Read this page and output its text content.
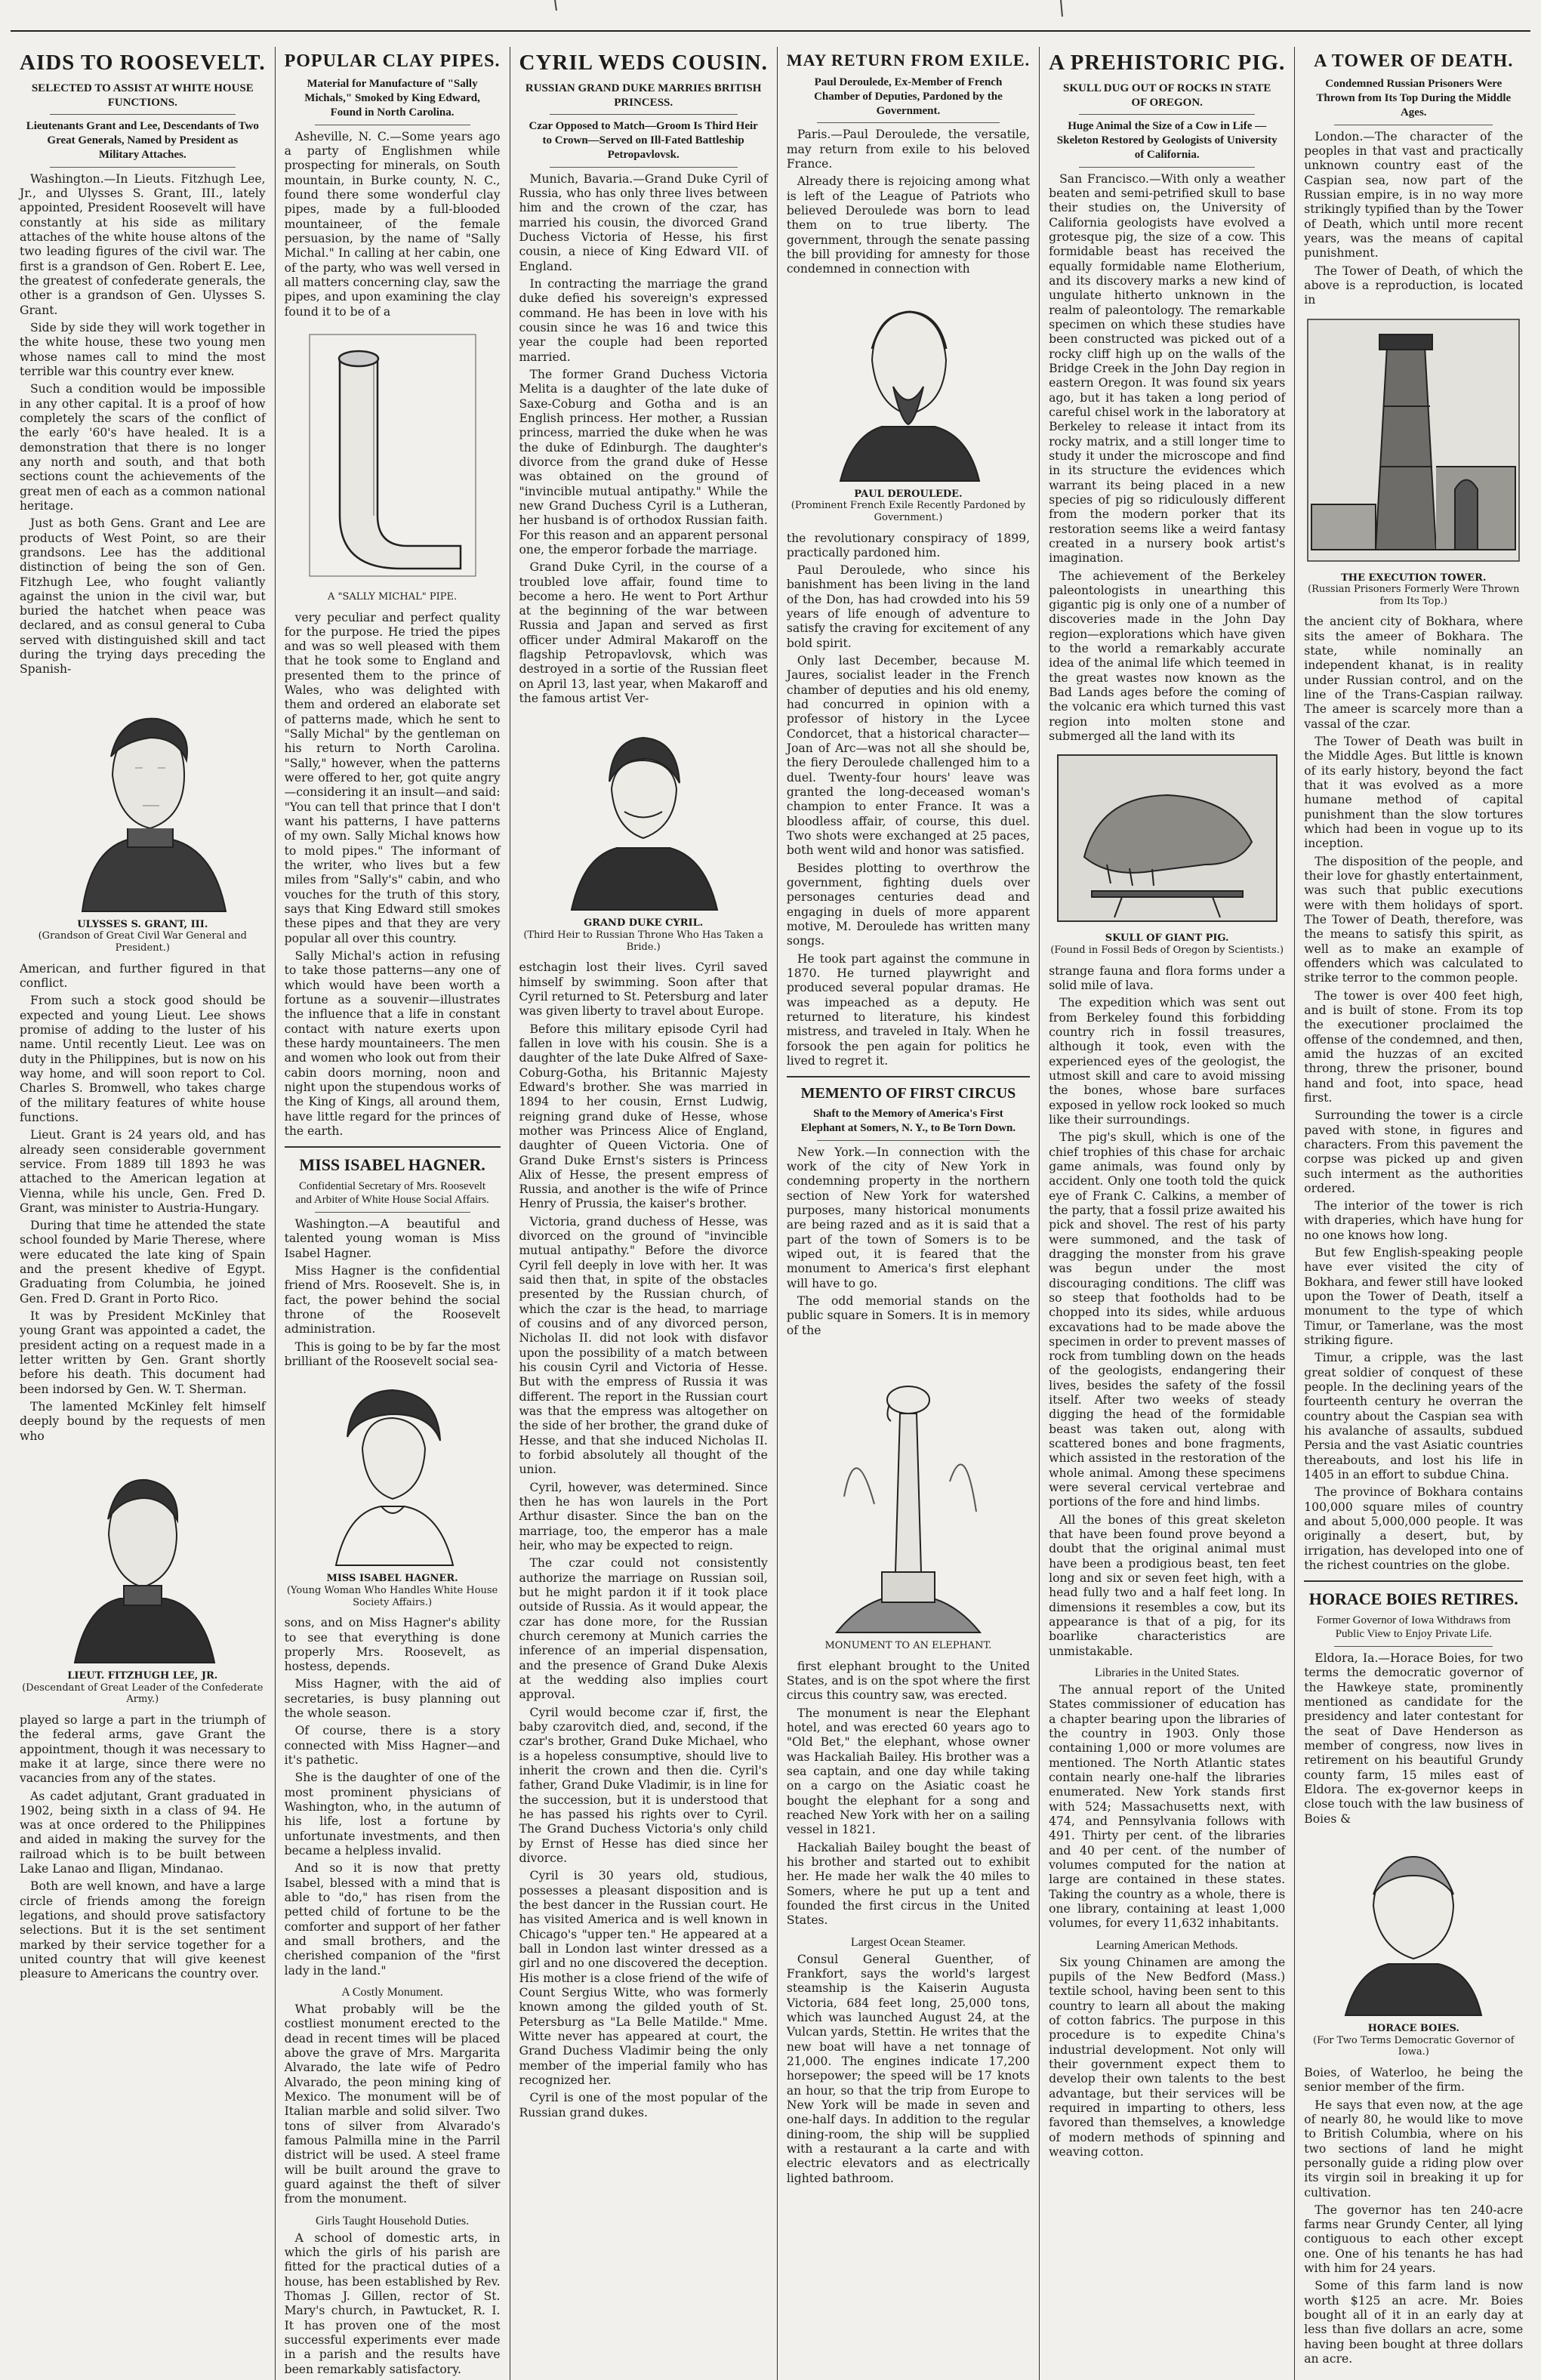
AIDS TO ROOSEVELT.
SELECTED TO ASSIST AT WHITE HOUSE FUNCTIONS.
Lieutenants Grant and Lee, Descendants of Two Great Generals, Named by President as Military Attaches.

Washington.—In Lieuts. Fitzhugh Lee, Jr., and Ulysses S. Grant, III., lately appointed, President Roosevelt will have constantly at his side as military attaches of the white house altons of the two leading figures of the civil war. The first is a grandson of Gen. Robert E. Lee, the greatest of confederate generals, the other is a grandson of Gen. Ulysses S. Grant.

Side by side they will work together in the white house, these two young men whose names call to mind the most terrible war this country ever knew.

Such a condition would be impossible in any other capital. It is a proof of how completely the scars of the conflict of the early '60's have healed. It is a demonstration that there is no longer any north and south, and that both sections count the achievements of the great men of each as a common national heritage.

Just as both Gens. Grant and Lee are products of West Point, so are their grandsons. Lee has the additional distinction of being the son of Gen. Fitzhugh Lee, who fought valiantly against the union in the civil war, but buried the hatchet when peace was declared, and as consul general to Cuba served with distinguished skill and tact during the trying days preceding the Spanish-

ULYSSES S. GRANT, III.
(Grandson of Great Civil War General and President.)

American, and further figured in that conflict.

From such a stock good should be expected and young Lieut. Lee shows promise of adding to the luster of his name. Until recently Lieut. Lee was on duty in the Philippines, but is now on his way home, and will soon report to Col. Charles S. Bromwell, who takes charge of the military features of white house functions.

Lieut. Grant is 24 years old, and has already seen considerable government service. From 1889 till 1893 he was attached to the American legation at Vienna, while his uncle, Gen. Fred D. Grant, was minister to Austria-Hungary.

During that time he attended the state school founded by Marie Therese, where were educated the late king of Spain and the present khedive of Egypt. Graduating from Columbia, he joined Gen. Fred D. Grant in Porto Rico.

It was by President McKinley that young Grant was appointed a cadet, the president acting on a request made in a letter written by Gen. Grant shortly before his death. This document had been indorsed by Gen. W. T. Sherman.

The lamented McKinley felt himself deeply bound by the requests of men who

LIEUT. FITZHUGH LEE, JR.
(Descendant of Great Leader of the Confederate Army.)

played so large a part in the triumph of the federal arms, gave Grant the appointment, though it was necessary to make it at large, since there were no vacancies from any of the states.

As cadet adjutant, Grant graduated in 1902, being sixth in a class of 94. He was at once ordered to the Philippines and aided in making the survey for the railroad which is to be built between Lake Lanao and Iligan, Mindanao.

Both are well known, and have a large circle of friends among the foreign legations, and should prove satisfactory selections. But it is the set sentiment marked by their service together for a united country that will give keenest pleasure to Americans the country over.

POPULAR CLAY PIPES.
Material for Manufacture of "Sally Michals," Smoked by King Edward, Found in North Carolina.

Asheville, N. C.—Some years ago a party of Englishmen while prospecting for minerals, on South mountain, in Burke county, N. C., found there some wonderful clay pipes, made by a full-blooded mountaineer, of the female persuasion, by the name of "Sally Michal." In calling at her cabin, one of the party, who was well versed in all matters concerning clay, saw the pipes, and upon examining the clay found it to be of a

A "SALLY MICHAL" PIPE.

very peculiar and perfect quality for the purpose. He tried the pipes and was so well pleased with them that he took some to England and presented them to the prince of Wales, who was delighted with them and ordered an elaborate set of patterns made, which he sent to "Sally Michal" by the gentleman on his return to North Carolina. "Sally," however, when the patterns were offered to her, got quite angry—considering it an insult—and said: "You can tell that prince that I don't want his patterns, I have patterns of my own. Sally Michal knows how to mold pipes." The informant of the writer, who lives but a few miles from "Sally's" cabin, and who vouches for the truth of this story, says that King Edward still smokes these pipes and that they are very popular all over this country.

Sally Michal's action in refusing to take those patterns—any one of which would have been worth a fortune as a souvenir—illustrates the influence that a life in constant contact with nature exerts upon these hardy mountaineers. The men and women who look out from their cabin doors morning, noon and night upon the stupendous works of the King of Kings, all around them, have little regard for the princes of the earth.

MISS ISABEL HAGNER.
Confidential Secretary of Mrs. Roosevelt and Arbiter of White House Social Affairs.

Washington.—A beautiful and talented young woman is Miss Isabel Hagner.

Miss Hagner is the confidential friend of Mrs. Roosevelt. She is, in fact, the power behind the social throne of the Roosevelt administration.

This is going to be by far the most brilliant of the Roosevelt social sea-

MISS ISABEL HAGNER.
(Young Woman Who Handles White House Society Affairs.)

sons, and on Miss Hagner's ability to see that everything is done properly Mrs. Roosevelt, as hostess, depends.

Miss Hagner, with the aid of secretaries, is busy planning out the whole season.

Of course, there is a story connected with Miss Hagner—and it's pathetic.

She is the daughter of one of the most prominent physicians of Washington, who, in the autumn of his life, lost a fortune by unfortunate investments, and then became a helpless invalid.

And so it is now that pretty Isabel, blessed with a mind that is able to "do," has risen from the petted child of fortune to be the comforter and support of her father and small brothers, and the cherished companion of the "first lady in the land."

A Costly Monument.

What probably will be the costliest monument erected to the dead in recent times will be placed above the grave of Mrs. Margarita Alvarado, the late wife of Pedro Alvarado, the peon mining king of Mexico. The monument will be of Italian marble and solid silver. Two tons of silver from Alvarado's famous Palmilla mine in the Parril district will be used. A steel frame will be built around the grave to guard against the theft of silver from the monument.

Girls Taught Household Duties.

A school of domestic arts, in which the girls of his parish are fitted for the practical duties of a house, has been established by Rev. Thomas J. Gillen, rector of St. Mary's church, in Pawtucket, R. I. It has proven one of the most successful experiments ever made in a parish and the results have been remarkably satisfactory.

CYRIL WEDS COUSIN.
RUSSIAN GRAND DUKE MARRIES BRITISH PRINCESS.
Czar Opposed to Match—Groom Is Third Heir to Crown—Served on Ill-Fated Battleship Petropavlovsk.

Munich, Bavaria.—Grand Duke Cyril of Russia, who has only three lives between him and the crown of the czar, has married his cousin, the divorced Grand Duchess Victoria of Hesse, his first cousin, a niece of King Edward VII. of England.

In contracting the marriage the grand duke defied his sovereign's expressed command. He has been in love with his cousin since he was 16 and twice this year the couple had been reported married.

The former Grand Duchess Victoria Melita is a daughter of the late duke of Saxe-Coburg and Gotha and is an English princess. Her mother, a Russian princess, married the duke when he was the duke of Edinburgh. The daughter's divorce from the grand duke of Hesse was obtained on the ground of "invincible mutual antipathy." While the new Grand Duchess Cyril is a Lutheran, her husband is of orthodox Russian faith. For this reason and an apparent personal one, the emperor forbade the marriage.

Grand Duke Cyril, in the course of a troubled love affair, found time to become a hero. He went to Port Arthur at the beginning of the war between Russia and Japan and served as first officer under Admiral Makaroff on the flagship Petropavlovsk, which was destroyed in a sortie of the Russian fleet on April 13, last year, when Makaroff and the famous artist Ver-

GRAND DUKE CYRIL.
(Third Heir to Russian Throne Who Has Taken a Bride.)

estchagin lost their lives. Cyril saved himself by swimming. Soon after that Cyril returned to St. Petersburg and later was given liberty to travel about Europe.

Before this military episode Cyril had fallen in love with his cousin. She is a daughter of the late Duke Alfred of Saxe-Coburg-Gotha, his Britannic Majesty Edward's brother. She was married in 1894 to her cousin, Ernst Ludwig, reigning grand duke of Hesse, whose mother was Princess Alice of England, daughter of Queen Victoria. One of Grand Duke Ernst's sisters is Princess Alix of Hesse, the present empress of Russia, and another is the wife of Prince Henry of Prussia, the kaiser's brother.

Victoria, grand duchess of Hesse, was divorced on the ground of "invincible mutual antipathy." Before the divorce Cyril fell deeply in love with her. It was said then that, in spite of the obstacles presented by the Russian church, of which the czar is the head, to marriage of cousins and of any divorced person, Nicholas II. did not look with disfavor upon the possibility of a match between his cousin Cyril and Victoria of Hesse. But with the empress of Russia it was different. The report in the Russian court was that the empress was altogether on the side of her brother, the grand duke of Hesse, and that she induced Nicholas II. to forbid absolutely all thought of the union.

Cyril, however, was determined. Since then he has won laurels in the Port Arthur disaster. Since the ban on the marriage, too, the emperor has a male heir, who may be expected to reign.

The czar could not consistently authorize the marriage on Russian soil, but he might pardon it if it took place outside of Russia. As it would appear, the czar has done more, for the Russian church ceremony at Munich carries the inference of an imperial dispensation, and the presence of Grand Duke Alexis at the wedding also implies court approval.

Cyril would become czar if, first, the baby czarovitch died, and, second, if the czar's brother, Grand Duke Michael, who is a hopeless consumptive, should live to inherit the crown and then die. Cyril's father, Grand Duke Vladimir, is in line for the succession, but it is understood that he has passed his rights over to Cyril. The Grand Duchess Victoria's only child by Ernst of Hesse has died since her divorce.

Cyril is 30 years old, studious, possesses a pleasant disposition and is the best dancer in the Russian court. He has visited America and is well known in Chicago's "upper ten." He appeared at a ball in London last winter dressed as a girl and no one discovered the deception. His mother is a close friend of the wife of Count Sergius Witte, who was formerly known among the gilded youth of St. Petersburg as "La Belle Matilde." Mme. Witte never has appeared at court, the Grand Duchess Vladimir being the only member of the imperial family who has recognized her.

Cyril is one of the most popular of the Russian grand dukes.

MAY RETURN FROM EXILE.
Paul Deroulede, Ex-Member of French Chamber of Deputies, Pardoned by the Government.

Paris.—Paul Deroulede, the versatile, may return from exile to his beloved France.

Already there is rejoicing among what is left of the League of Patriots who believed Deroulede was born to lead them on to true liberty. The government, through the senate passing the bill providing for amnesty for those condemned in connection with

PAUL DEROULEDE.
(Prominent French Exile Recently Pardoned by Government.)

the revolutionary conspiracy of 1899, practically pardoned him.

Paul Deroulede, who since his banishment has been living in the land of the Don, has had crowded into his 59 years of life enough of adventure to satisfy the craving for excitement of any bold spirit.

Only last December, because M. Jaures, socialist leader in the French chamber of deputies and his old enemy, had concurred in opinion with a professor of history in the Lycee Condorcet, that a historical character—Joan of Arc—was not all she should be, the fiery Deroulede challenged him to a duel. Twenty-four hours' leave was granted the long-deceased woman's champion to enter France. It was a bloodless affair, of course, this duel. Two shots were exchanged at 25 paces, both went wild and honor was satisfied.

Besides plotting to overthrow the government, fighting duels over personages centuries dead and engaging in duels of more apparent motive, M. Deroulede has written many songs.

He took part against the commune in 1870. He turned playwright and produced several popular dramas. He was impeached as a deputy. He returned to literature, his kindest mistress, and traveled in Italy. When he forsook the pen again for politics he lived to regret it.

MEMENTO OF FIRST CIRCUS
Shaft to the Memory of America's First Elephant at Somers, N. Y., to Be Torn Down.

New York.—In connection with the work of the city of New York in condemning property in the northern section of New York for watershed purposes, many historical monuments are being razed and as it is said that a part of the town of Somers is to be wiped out, it is feared that the monument to America's first elephant will have to go.

The odd memorial stands on the public square in Somers. It is in memory of the

MONUMENT TO AN ELEPHANT.

first elephant brought to the United States, and is on the spot where the first circus this country saw, was erected.

The monument is near the Elephant hotel, and was erected 60 years ago to "Old Bet," the elephant, whose owner was Hackaliah Bailey. His brother was a sea captain, and one day while taking on a cargo on the Asiatic coast he bought the elephant for a song and reached New York with her on a sailing vessel in 1821.

Hackaliah Bailey bought the beast of his brother and started out to exhibit her. He made her walk the 40 miles to Somers, where he put up a tent and founded the first circus in the United States.

Largest Ocean Steamer.

Consul General Guenther, of Frankfort, says the world's largest steamship is the Kaiserin Augusta Victoria, 684 feet long, 25,000 tons, which was launched August 24, at the Vulcan yards, Stettin. He writes that the new boat will have a net tonnage of 21,000. The engines indicate 17,200 horsepower; the speed will be 17 knots an hour, so that the trip from Europe to New York will be made in seven and one-half days. In addition to the regular dining-room, the ship will be supplied with a restaurant a la carte and with electric elevators and as electrically lighted bathroom.

A PREHISTORIC PIG.
SKULL DUG OUT OF ROCKS IN STATE OF OREGON.
Huge Animal the Size of a Cow in Life — Skeleton Restored by Geologists of University of California.

San Francisco.—With only a weather beaten and semi-petrified skull to base their studies on, the University of California geologists have evolved a grotesque pig, the size of a cow. This formidable beast has received the equally formidable name Elotherium, and its discovery marks a new kind of ungulate hitherto unknown in the realm of paleontology. The remarkable specimen on which these studies have been constructed was picked out of a rocky cliff high up on the walls of the Bridge Creek in the John Day region in eastern Oregon. It was found six years ago, but it has taken a long period of careful chisel work in the laboratory at Berkeley to release it intact from its rocky matrix, and a still longer time to study it under the microscope and find in its structure the evidences which warrant its being placed in a new species of pig so ridiculously different from the modern porker that its restoration seems like a weird fantasy created in a nursery book artist's imagination.

The achievement of the Berkeley paleontologists in unearthing this gigantic pig is only one of a number of discoveries made in the John Day region—explorations which have given to the world a remarkably accurate idea of the animal life which teemed in the great wastes now known as the Bad Lands ages before the coming of the volcanic era which turned this vast region into molten stone and submerged all the land with its

SKULL OF GIANT PIG.
(Found in Fossil Beds of Oregon by Scientists.)

strange fauna and flora forms under a solid mile of lava.

The expedition which was sent out from Berkeley found this forbidding country rich in fossil treasures, although it took, even with the experienced eyes of the geologist, the utmost skill and care to avoid missing the bones, whose bare surfaces exposed in yellow rock looked so much like their surroundings.

The pig's skull, which is one of the chief trophies of this chase for archaic game animals, was found only by accident. Only one tooth told the quick eye of Frank C. Calkins, a member of the party, that a fossil prize awaited his pick and shovel. The rest of his party were summoned, and the task of dragging the monster from his grave was begun under the most discouraging conditions. The cliff was so steep that footholds had to be chopped into its sides, while arduous excavations had to be made above the specimen in order to prevent masses of rock from tumbling down on the heads of the geologists, endangering their lives, besides the safety of the fossil itself. After two weeks of steady digging the head of the formidable beast was taken out, along with scattered bones and bone fragments, which assisted in the restoration of the whole animal. Among these specimens were several cervical vertebrae and portions of the fore and hind limbs.

All the bones of this great skeleton that have been found prove beyond a doubt that the original animal must have been a prodigious beast, ten feet long and six or seven feet high, with a head fully two and a half feet long. In dimensions it resembles a cow, but its appearance is that of a pig, for its boarlike characteristics are unmistakable.

Libraries in the United States.

The annual report of the United States commissioner of education has a chapter bearing upon the libraries of the country in 1903. Only those containing 1,000 or more volumes are mentioned. The North Atlantic states contain nearly one-half the libraries enumerated. New York stands first with 524; Massachusetts next, with 474, and Pennsylvania follows with 491. Thirty per cent. of the libraries and 40 per cent. of the number of volumes computed for the nation at large are contained in these states. Taking the country as a whole, there is one library, containing at least 1,000 volumes, for every 11,632 inhabitants.

Learning American Methods.

Six young Chinamen are among the pupils of the New Bedford (Mass.) textile school, having been sent to this country to learn all about the making of cotton fabrics. The purpose in this procedure is to expedite China's industrial development. Not only will their government expect them to develop their own talents to the best advantage, but their services will be required in imparting to others, less favored than themselves, a knowledge of modern methods of spinning and weaving cotton.

A TOWER OF DEATH.
Condemned Russian Prisoners Were Thrown from Its Top During the Middle Ages.

London.—The character of the peoples in that vast and practically unknown country east of the Caspian sea, now part of the Russian empire, is in no way more strikingly typified than by the Tower of Death, which until more recent years, was the means of capital punishment.

The Tower of Death, of which the above is a reproduction, is located in

THE EXECUTION TOWER.
(Russian Prisoners Formerly Were Thrown from Its Top.)

the ancient city of Bokhara, where sits the ameer of Bokhara. The state, while nominally an independent khanat, is in reality under Russian control, and on the line of the Trans-Caspian railway. The ameer is scarcely more than a vassal of the czar.

The Tower of Death was built in the Middle Ages. But little is known of its early history, beyond the fact that it was evolved as a more humane method of capital punishment than the slow tortures which had been in vogue up to its inception.

The disposition of the people, and their love for ghastly entertainment, was such that public executions were with them holidays of sport. The Tower of Death, therefore, was the means to satisfy this spirit, as well as to make an example of offenders which was calculated to strike terror to the common people.

The tower is over 400 feet high, and is built of stone. From its top the executioner proclaimed the offense of the condemned, and then, amid the huzzas of an excited throng, threw the prisoner, bound hand and foot, into space, head first.

Surrounding the tower is a circle paved with stone, in figures and characters. From this pavement the corpse was picked up and given such interment as the authorities ordered.

The interior of the tower is rich with draperies, which have hung for no one knows how long.

But few English-speaking people have ever visited the city of Bokhara, and fewer still have looked upon the Tower of Death, itself a monument to the type of which Timur, or Tamerlane, was the most striking figure.

Timur, a cripple, was the last great soldier of conquest of these people. In the declining years of the fourteenth century he overran the country about the Caspian sea with his avalanche of assaults, subdued Persia and the vast Asiatic countries thereabouts, and lost his life in 1405 in an effort to subdue China.

The province of Bokhara contains 100,000 square miles of country and about 5,000,000 people. It was originally a desert, but, by irrigation, has developed into one of the richest countries on the globe.

HORACE BOIES RETIRES.
Former Governor of Iowa Withdraws from Public View to Enjoy Private Life.

Eldora, Ia.—Horace Boies, for two terms the democratic governor of the Hawkeye state, prominently mentioned as candidate for the presidency and later contestant for the seat of Dave Henderson as member of congress, now lives in retirement on his beautiful Grundy county farm, 15 miles east of Eldora. The ex-governor keeps in close touch with the law business of Boies &

HORACE BOIES.
(For Two Terms Democratic Governor of Iowa.)

Boies, of Waterloo, he being the senior member of the firm.

He says that even now, at the age of nearly 80, he would like to move to British Columbia, where on his two sections of land he might personally guide a riding plow over its virgin soil in breaking it up for cultivation.

The governor has ten 240-acre farms near Grundy Center, all lying contiguous to each other except one. One of his tenants he has had with him for 24 years.

Some of this farm land is now worth $125 an acre. Mr. Boies bought all of it in an early day at less than five dollars an acre, some having been bought at three dollars an acre.
